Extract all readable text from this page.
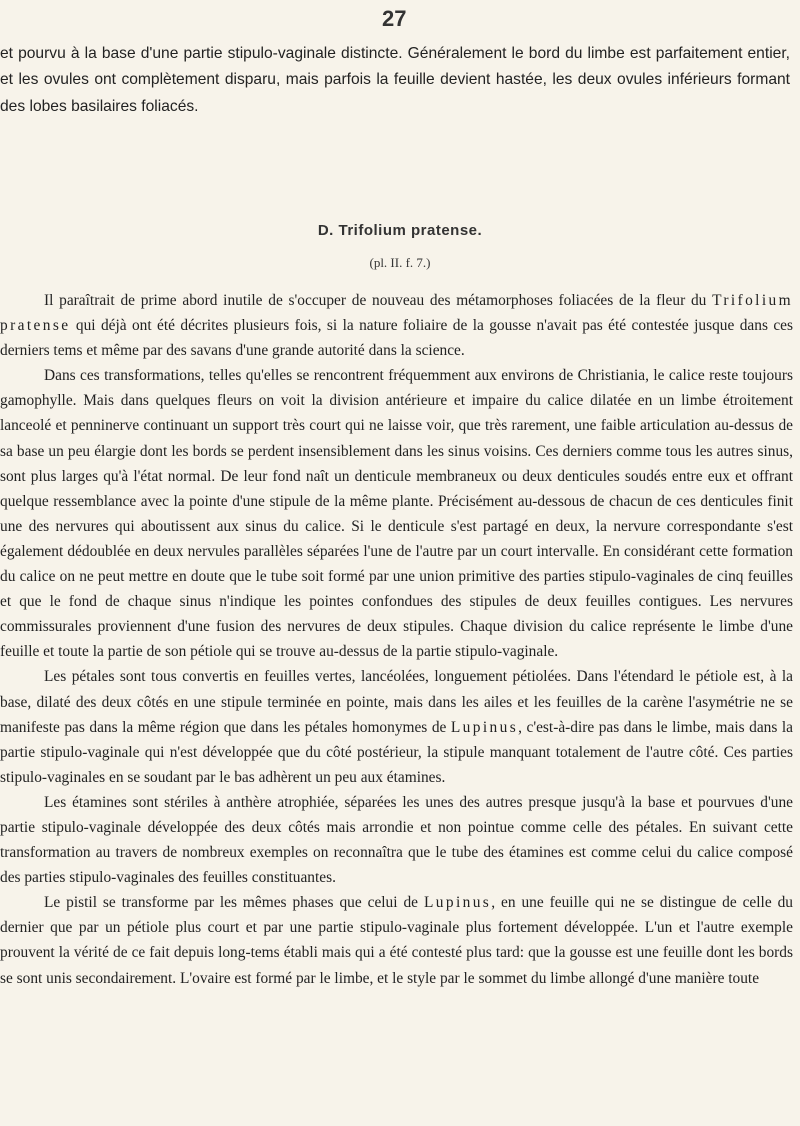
27

et pourvu à la base d'une partie stipulo-vaginale distincte. Généralement le bord du limbe est parfaitement entier, et les ovules ont complètement disparu, mais parfois la feuille devient hastée, les deux ovules inférieurs formant des lobes basilaires foliacés.

D. Trifolium pratense.
(pl. II. f. 7.)

Il paraîtrait de prime abord inutile de s'occuper de nouveau des métamorphoses foliacées de la fleur du Trifolium pratense qui déjà ont été décrites plusieurs fois, si la nature foliaire de la gousse n'avait pas été contestée jusque dans ces derniers tems et même par des savans d'une grande autorité dans la science.

Dans ces transformations, telles qu'elles se rencontrent fréquemment aux environs de Christiania, le calice reste toujours gamophylle. Mais dans quelques fleurs on voit la division antérieure et impaire du calice dilatée en un limbe étroitement lanceolé et penninerve continuant un support très court qui ne laisse voir, que très rarement, une faible articulation au-dessus de sa base un peu élargie dont les bords se perdent insensiblement dans les sinus voisins. Ces derniers comme tous les autres sinus, sont plus larges qu'à l'état normal. De leur fond naît un denticule membraneux ou deux denticules soudés entre eux et offrant quelque ressemblance avec la pointe d'une stipule de la même plante. Précisément au-dessous de chacun de ces denticules finit une des nervures qui aboutissent aux sinus du calice. Si le denticule s'est partagé en deux, la nervure correspondante s'est également dédoublée en deux nervules parallèles séparées l'une de l'autre par un court intervalle. En considérant cette formation du calice on ne peut mettre en doute que le tube soit formé par une union primitive des parties stipulo-vaginales de cinq feuilles et que le fond de chaque sinus n'indique les pointes confondues des stipules de deux feuilles contigues. Les nervures commissurales proviennent d'une fusion des nervures de deux stipules. Chaque division du calice représente le limbe d'une feuille et toute la partie de son pétiole qui se trouve au-dessus de la partie stipulo-vaginale.

Les pétales sont tous convertis en feuilles vertes, lancéolées, longuement pétiolées. Dans l'étendard le pétiole est, à la base, dilaté des deux côtés en une stipule terminée en pointe, mais dans les ailes et les feuilles de la carène l'asymétrie ne se manifeste pas dans la même région que dans les pétales homonymes de Lupinus, c'est-à-dire pas dans le limbe, mais dans la partie stipulo-vaginale qui n'est développée que du côté postérieur, la stipule manquant totalement de l'autre côté. Ces parties stipulo-vaginales en se soudant par le bas adhèrent un peu aux étamines.

Les étamines sont stériles à anthère atrophiée, séparées les unes des autres presque jusqu'à la base et pourvues d'une partie stipulo-vaginale développée des deux côtés mais arrondie et non pointue comme celle des pétales. En suivant cette transformation au travers de nombreux exemples on reconnaîtra que le tube des étamines est comme celui du calice composé des parties stipulo-vaginales des feuilles constituantes.

Le pistil se transforme par les mêmes phases que celui de Lupinus, en une feuille qui ne se distingue de celle du dernier que par un pétiole plus court et par une partie stipulo-vaginale plus fortement développée. L'un et l'autre exemple prouvent la vérité de ce fait depuis long-tems établi mais qui a été contesté plus tard: que la gousse est une feuille dont les bords se sont unis secondairement. L'ovaire est formé par le limbe, et le style par le sommet du limbe allongé d'une manière toute
